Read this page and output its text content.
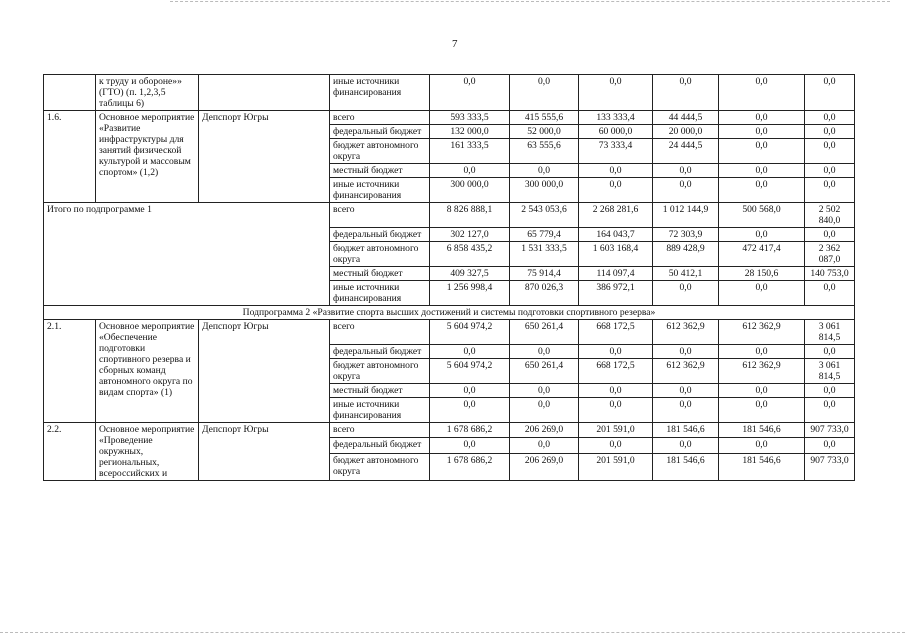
7
	к труду и обороне»» (ГТО) (п. 1,2,3,5 таблицы 6)		иные источники финансирования	0,0	0,0	0,0	0,0	0,0	0,0
1.6.	Основное мероприятие «Развитие инфраструктуры для занятий физической культурой и массовым спортом» (1,2)	Депспорт Югры	всего	593 333,5	415 555,6	133 333,4	44 444,5	0,0	0,0
			федеральный бюджет	132 000,0	52 000,0	60 000,0	20 000,0	0,0	0,0
			бюджет автономного округа	161 333,5	63 555,6	73 333,4	24 444,5	0,0	0,0
			местный бюджет	0,0	0,0	0,0	0,0	0,0	0,0
			иные источники финансирования	300 000,0	300 000,0	0,0	0,0	0,0	0,0
Итого по подпрограмме 1			всего	8 826 888,1	2 543 053,6	2 268 281,6	1 012 144,9	500 568,0	2 502 840,0
			федеральный бюджет	302 127,0	65 779,4	164 043,7	72 303,9	0,0	0,0
			бюджет автономного округа	6 858 435,2	1 531 333,5	1 603 168,4	889 428,9	472 417,4	2 362 087,0
			местный бюджет	409 327,5	75 914,4	114 097,4	50 412,1	28 150,6	140 753,0
			иные источники финансирования	1 256 998,4	870 026,3	386 972,1	0,0	0,0	0,0
Подпрограмма 2 «Развитие спорта высших достижений и системы подготовки спортивного резерва»									
2.1.	Основное мероприятие «Обеспечение подготовки спортивного резерва и сборных команд автономного округа по видам спорта» (1)	Депспорт Югры	всего	5 604 974,2	650 261,4	668 172,5	612 362,9	612 362,9	3 061 814,5
			федеральный бюджет	0,0	0,0	0,0	0,0	0,0	0,0
			бюджет автономного округа	5 604 974,2	650 261,4	668 172,5	612 362,9	612 362,9	3 061 814,5
			местный бюджет	0,0	0,0	0,0	0,0	0,0	0,0
			иные источники финансирования	0,0	0,0	0,0	0,0	0,0	0,0
2.2.	Основное мероприятие «Проведение окружных, региональных, всероссийских и	Депспорт Югры	всего	1 678 686,2	206 269,0	201 591,0	181 546,6	181 546,6	907 733,0
			федеральный бюджет	0,0	0,0	0,0	0,0	0,0	0,0
			бюджет автономного округа	1 678 686,2	206 269,0	201 591,0	181 546,6	181 546,6	907 733,0
